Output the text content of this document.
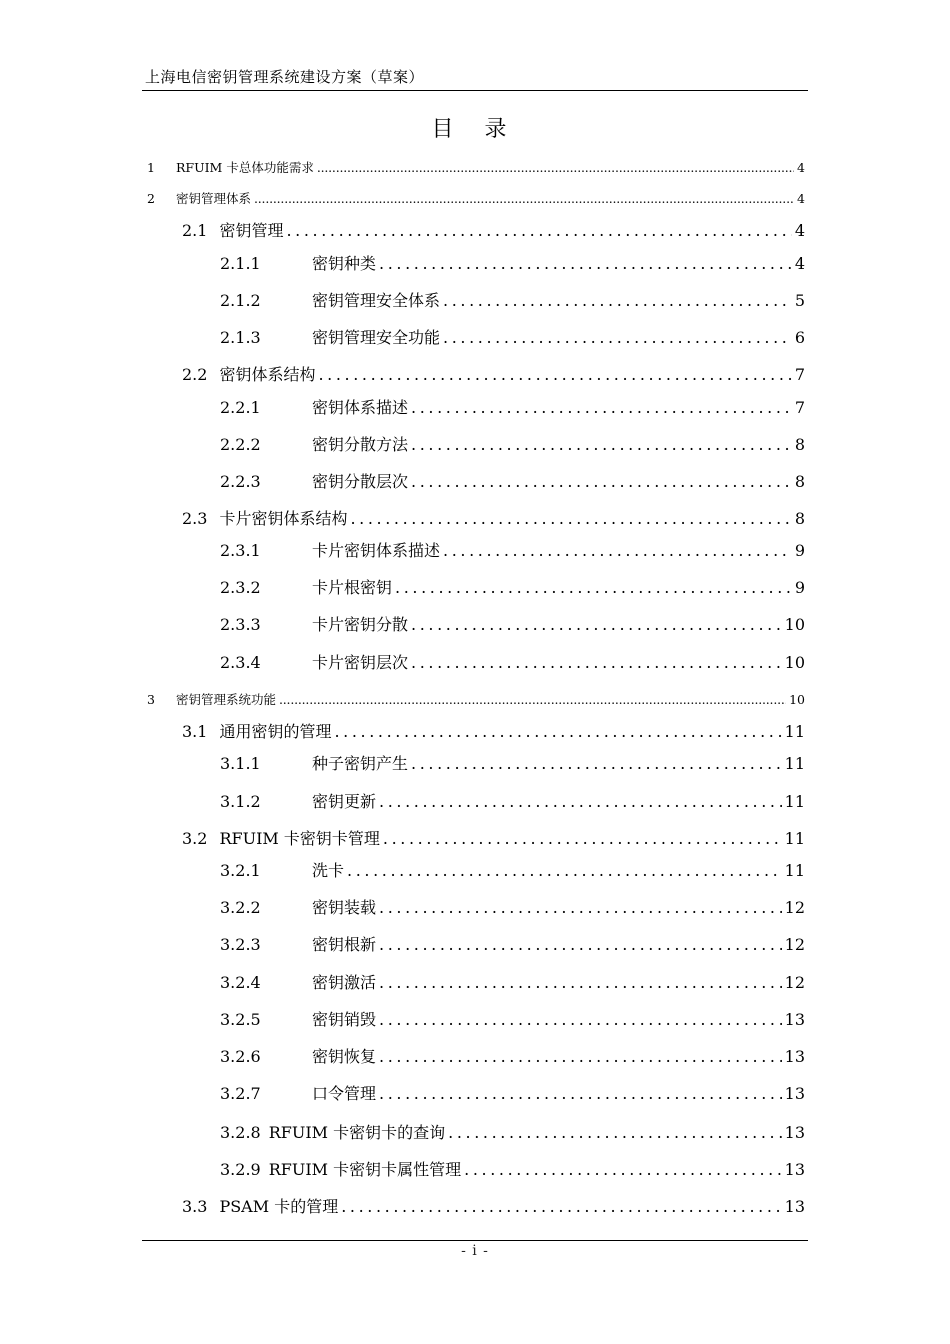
上海电信密钥管理系统建设方案（草案）
目 录
1	RFUIM 卡总体功能需求 .....	4
2	密钥管理体系 .....	4
2.1 密钥管理 .....	4
2.1.1	密钥种类 .....	4
2.1.2	密钥管理安全体系 .....	5
2.1.3	密钥管理安全功能 .....	6
2.2 密钥体系结构 .....	7
2.2.1	密钥体系描述 .....	7
2.2.2	密钥分散方法 .....	8
2.2.3	密钥分散层次 .....	8
2.3 卡片密钥体系结构 .....	8
2.3.1	卡片密钥体系描述 .....	9
2.3.2	卡片根密钥 .....	9
2.3.3	卡片密钥分散 .....	10
2.3.4	卡片密钥层次 .....	10
3	密钥管理系统功能 .....	10
3.1 通用密钥的管理 .....	11
3.1.1	种子密钥产生 .....	11
3.1.2	密钥更新 .....	11
3.2 RFUIM 卡密钥卡管理 .....	11
3.2.1	洗卡 .....	11
3.2.2	密钥装载 .....	12
3.2.3	密钥根新 .....	12
3.2.4	密钥激活 .....	12
3.2.5	密钥销毁 .....	13
3.2.6	密钥恢复 .....	13
3.2.7	口令管理 .....	13
3.2.8 RFUIM 卡密钥卡的查询 .....	13
3.2.9 RFUIM 卡密钥卡属性管理 .....	13
3.3 PSAM 卡的管理 .....	13
- i -
